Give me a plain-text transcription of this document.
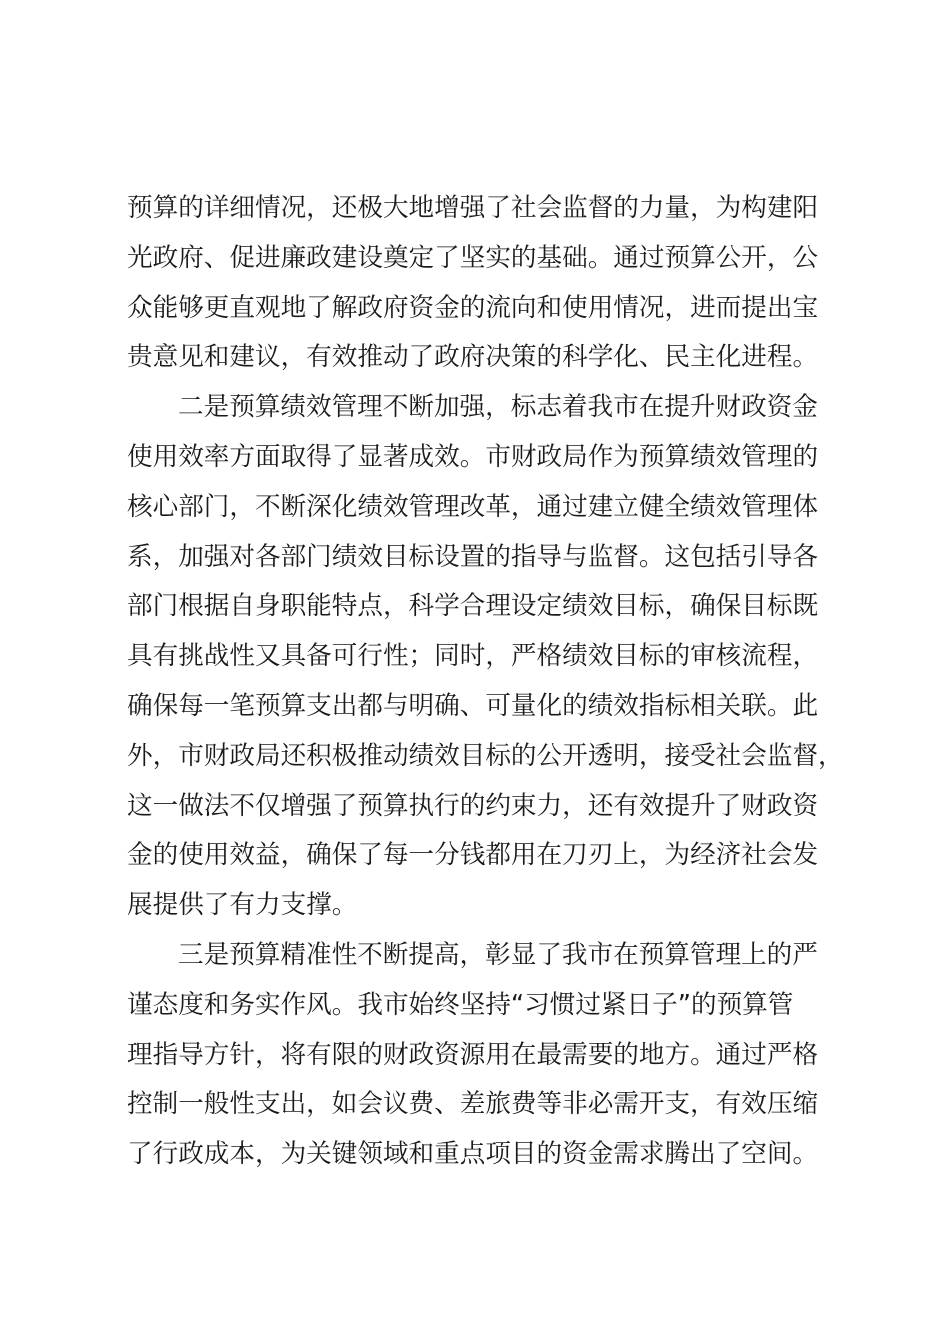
预算的详细情况，还极大地增强了社会监督的力量，为构建阳
光政府、促进廉政建设奠定了坚实的基础。通过预算公开，公
众能够更直观地了解政府资金的流向和使用情况，进而提出宝
贵意见和建议，有效推动了政府决策的科学化、民主化进程。
二是预算绩效管理不断加强，标志着我市在提升财政资金
使用效率方面取得了显著成效。市财政局作为预算绩效管理的
核心部门，不断深化绩效管理改革，通过建立健全绩效管理体
系，加强对各部门绩效目标设置的指导与监督。这包括引导各
部门根据自身职能特点，科学合理设定绩效目标，确保目标既
具有挑战性又具备可行性；同时，严格绩效目标的审核流程，
确保每一笔预算支出都与明确、可量化的绩效指标相关联。此
外，市财政局还积极推动绩效目标的公开透明，接受社会监督，
这一做法不仅增强了预算执行的约束力，还有效提升了财政资
金的使用效益，确保了每一分钱都用在刀刃上，为经济社会发
展提供了有力支撑。
三是预算精准性不断提高，彰显了我市在预算管理上的严
谨态度和务实作风。我市始终坚持“习惯过紧日子”的预算管
理指导方针，将有限的财政资源用在最需要的地方。通过严格
控制一般性支出，如会议费、差旅费等非必需开支，有效压缩
了行政成本，为关键领域和重点项目的资金需求腾出了空间。
